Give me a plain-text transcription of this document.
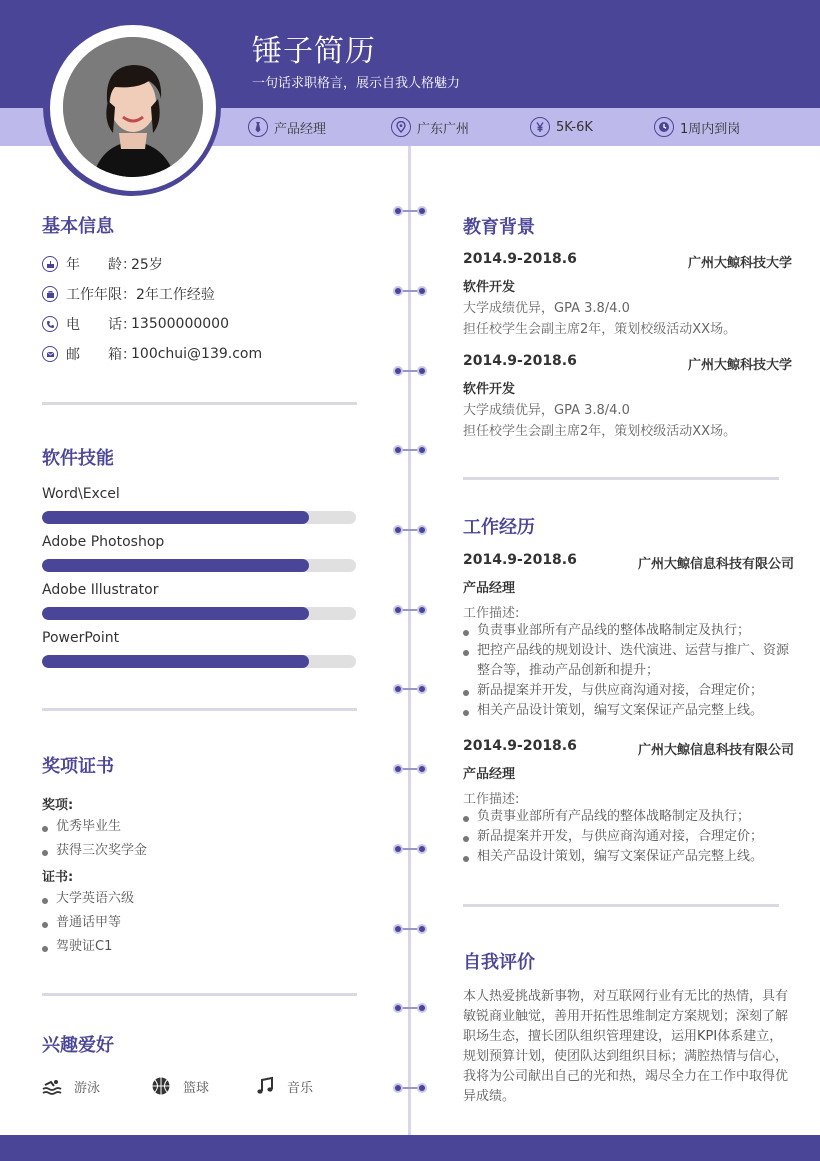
锤子简历
一句话求职格言，展示自我人格魅力
产品经理	广东广州	5K-6K	1周内到岗
基本信息
年 龄：
25岁
工作年限： 2年工作经验
电 话：
13500000000
邮 箱：
100chui@139.com
软件技能
Word\Excel
Adobe Photoshop
Adobe Illustrator
PowerPoint
奖项证书
奖项:
优秀毕业生
获得三次奖学金
证书:
大学英语六级
普通话甲等
驾驶证C1
兴趣爱好
游泳	篮球	音乐
教育背景
2014.9-2018.6	广州大鲸科技大学
软件开发
大学成绩优异，GPA 3.8/4.0
担任校学生会副主席2年，策划校级活动XX场。
2014.9-2018.6	广州大鲸科技大学
软件开发
大学成绩优异，GPA 3.8/4.0
担任校学生会副主席2年，策划校级活动XX场。
工作经历
2014.9-2018.6	广州大鲸信息科技有限公司
产品经理
工作描述:
负责事业部所有产品线的整体战略制定及执行；
把控产品线的规划设计、迭代演进、运营与推广、资源整合等，推动产品创新和提升；
新品提案并开发，与供应商沟通对接，合理定价；
相关产品设计策划，编写文案保证产品完整上线。
2014.9-2018.6	广州大鲸信息科技有限公司
产品经理
工作描述:
负责事业部所有产品线的整体战略制定及执行；
新品提案并开发，与供应商沟通对接，合理定价；
相关产品设计策划，编写文案保证产品完整上线。
自我评价
本人热爱挑战新事物，对互联网行业有无比的热情，具有敏锐商业触觉，善用开拓性思维制定方案规划；深刻了解职场生态，擅长团队组织管理建设，运用KPI体系建立，规划预算计划，使团队达到组织目标；满腔热情与信心，我将为公司献出自己的光和热，竭尽全力在工作中取得优异成绩。
